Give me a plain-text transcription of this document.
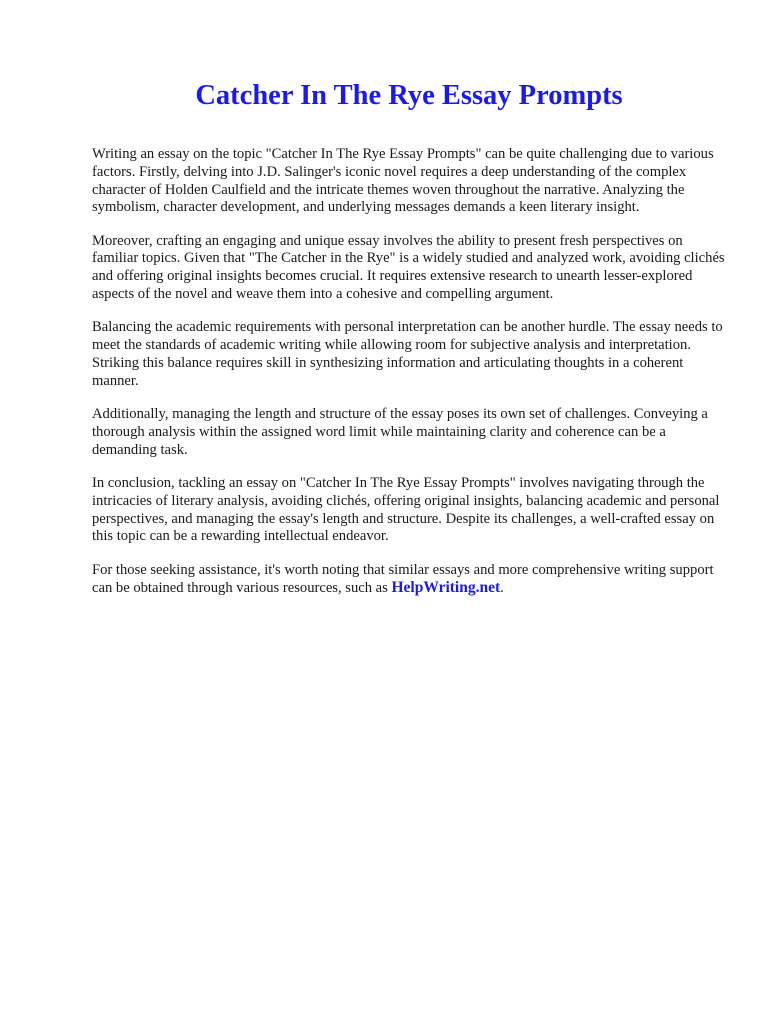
Catcher In The Rye Essay Prompts

Writing an essay on the topic "Catcher In The Rye Essay Prompts" can be quite challenging due to various factors. Firstly, delving into J.D. Salinger's iconic novel requires a deep understanding of the complex character of Holden Caulfield and the intricate themes woven throughout the narrative. Analyzing the symbolism, character development, and underlying messages demands a keen literary insight.

Moreover, crafting an engaging and unique essay involves the ability to present fresh perspectives on familiar topics. Given that "The Catcher in the Rye" is a widely studied and analyzed work, avoiding clichés and offering original insights becomes crucial. It requires extensive research to unearth lesser-explored aspects of the novel and weave them into a cohesive and compelling argument.

Balancing the academic requirements with personal interpretation can be another hurdle. The essay needs to meet the standards of academic writing while allowing room for subjective analysis and interpretation. Striking this balance requires skill in synthesizing information and articulating thoughts in a coherent manner.

Additionally, managing the length and structure of the essay poses its own set of challenges. Conveying a thorough analysis within the assigned word limit while maintaining clarity and coherence can be a demanding task.

In conclusion, tackling an essay on "Catcher In The Rye Essay Prompts" involves navigating through the intricacies of literary analysis, avoiding clichés, offering original insights, balancing academic and personal perspectives, and managing the essay's length and structure. Despite its challenges, a well-crafted essay on this topic can be a rewarding intellectual endeavor.

For those seeking assistance, it's worth noting that similar essays and more comprehensive writing support can be obtained through various resources, such as HelpWriting.net.
